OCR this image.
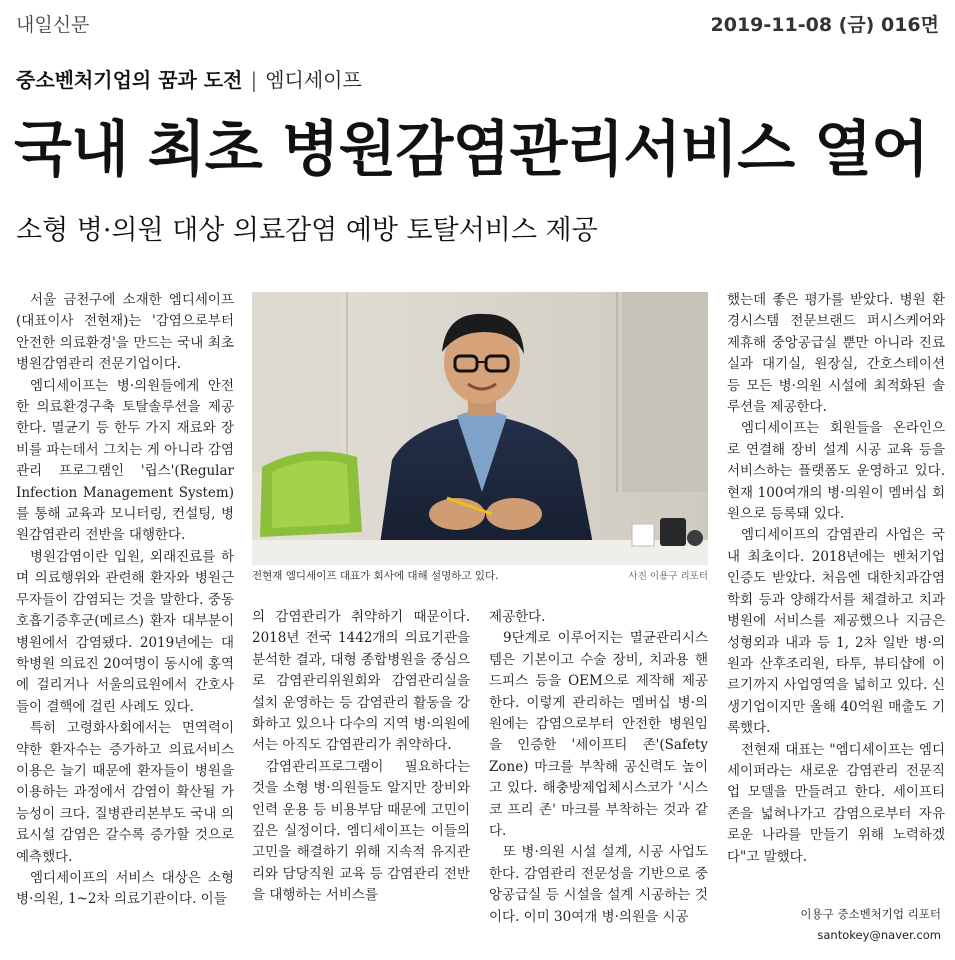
내일신문	2019-11-08 (금) 016면
중소벤처기업의 꿈과 도전 | 엠디세이프
국내 최초 병원감염관리서비스 열어
소형 병·의원 대상 의료감염 예방 토탈서비스 제공

서울 금천구에 소재한 엠디세이프(대표이사 전현재)는 '감염으로부터 안전한 의료환경'을 만드는 국내 최초 병원감염관리 전문기업이다.

엠디세이프는 병·의원들에게 안전한 의료환경구축 토탈솔루션을 제공한다. 멸균기 등 한두 가지 재료와 장비를 파는데서 그치는 게 아니라 감염관리 프로그램인 '립스'(Regular Infection Management System)를 통해 교육과 모니터링, 컨설팅, 병원감염관리 전반을 대행한다.

병원감염이란 입원, 외래진료를 하며 의료행위와 관련해 환자와 병원근무자들이 감염되는 것을 말한다. 중동호흡기증후군(메르스) 환자 대부분이 병원에서 감염됐다. 2019년에는 대학병원 의료진 20여명이 동시에 홍역에 걸리거나 서울의료원에서 간호사들이 결핵에 걸린 사례도 있다.

특히 고령화사회에서는 면역력이 약한 환자수는 증가하고 의료서비스 이용은 늘기 때문에 환자들이 병원을 이용하는 과정에서 감염이 확산될 가능성이 크다. 질병관리본부도 국내 의료시설 감염은 갈수록 증가할 것으로 예측했다.

엠디세이프의 서비스 대상은 소형 병·의원, 1~2차 의료기관이다. 이들

전현재 엠디세이프 대표가 회사에 대해 설명하고 있다.	사진 이용구 리포터

의 감염관리가 취약하기 때문이다. 2018년 전국 1442개의 의료기관을 분석한 결과, 대형 종합병원을 중심으로 감염관리위원회와 감염관리실을 설치 운영하는 등 감염관리 활동을 강화하고 있으나 다수의 지역 병·의원에서는 아직도 감염관리가 취약하다.

감염관리프로그램이 필요하다는 것을 소형 병·의원들도 알지만 장비와 인력 운용 등 비용부담 때문에 고민이 깊은 실정이다. 엠디세이프는 이들의 고민을 해결하기 위해 지속적 유지관리와 담당직원 교육 등 감염관리 전반을 대행하는 서비스를

제공한다.

9단계로 이루어지는 멸균관리시스템은 기본이고 수술 장비, 치과용 핸드피스 등을 OEM으로 제작해 제공한다. 이렇게 관리하는 멤버십 병·의원에는 감염으로부터 안전한 병원임을 인증한 '세이프티 존'(Safety Zone) 마크를 부착해 공신력도 높이고 있다. 해충방제업체시스코가 '시스코 프리 존' 마크를 부착하는 것과 같다.

또 병·의원 시설 설계, 시공 사업도 한다. 감염관리 전문성을 기반으로 중앙공급실 등 시설을 설계 시공하는 것이다. 이미 30여개 병·의원을 시공

했는데 좋은 평가를 받았다. 병원 환경시스템 전문브랜드 퍼시스케어와 제휴해 중앙공급실 뿐만 아니라 진료실과 대기실, 원장실, 간호스테이션 등 모든 병·의원 시설에 최적화된 솔루션을 제공한다.

엠디세이프는 회원들을 온라인으로 연결해 장비 설계 시공 교육 등을 서비스하는 플랫폼도 운영하고 있다. 현재 100여개의 병·의원이 멤버십 회원으로 등록돼 있다.

엠디세이프의 감염관리 사업은 국내 최초이다. 2018년에는 벤처기업 인증도 받았다. 처음엔 대한치과감염학회 등과 양해각서를 체결하고 치과병원에 서비스를 제공했으나 지금은 성형외과 내과 등 1, 2차 일반 병·의원과 산후조리원, 타투, 뷰티샵에 이르기까지 사업영역을 넓히고 있다. 신생기업이지만 올해 40억원 매출도 기록했다.

전현재 대표는 "엠디세이프는 엠디세이퍼라는 새로운 감염관리 전문직업 모델을 만들려고 한다. 세이프티 존을 넓혀나가고 감염으로부터 자유로운 나라를 만들기 위해 노력하겠다"고 말했다.

이용구 중소벤처기업 리포터
santokey@naver.com
